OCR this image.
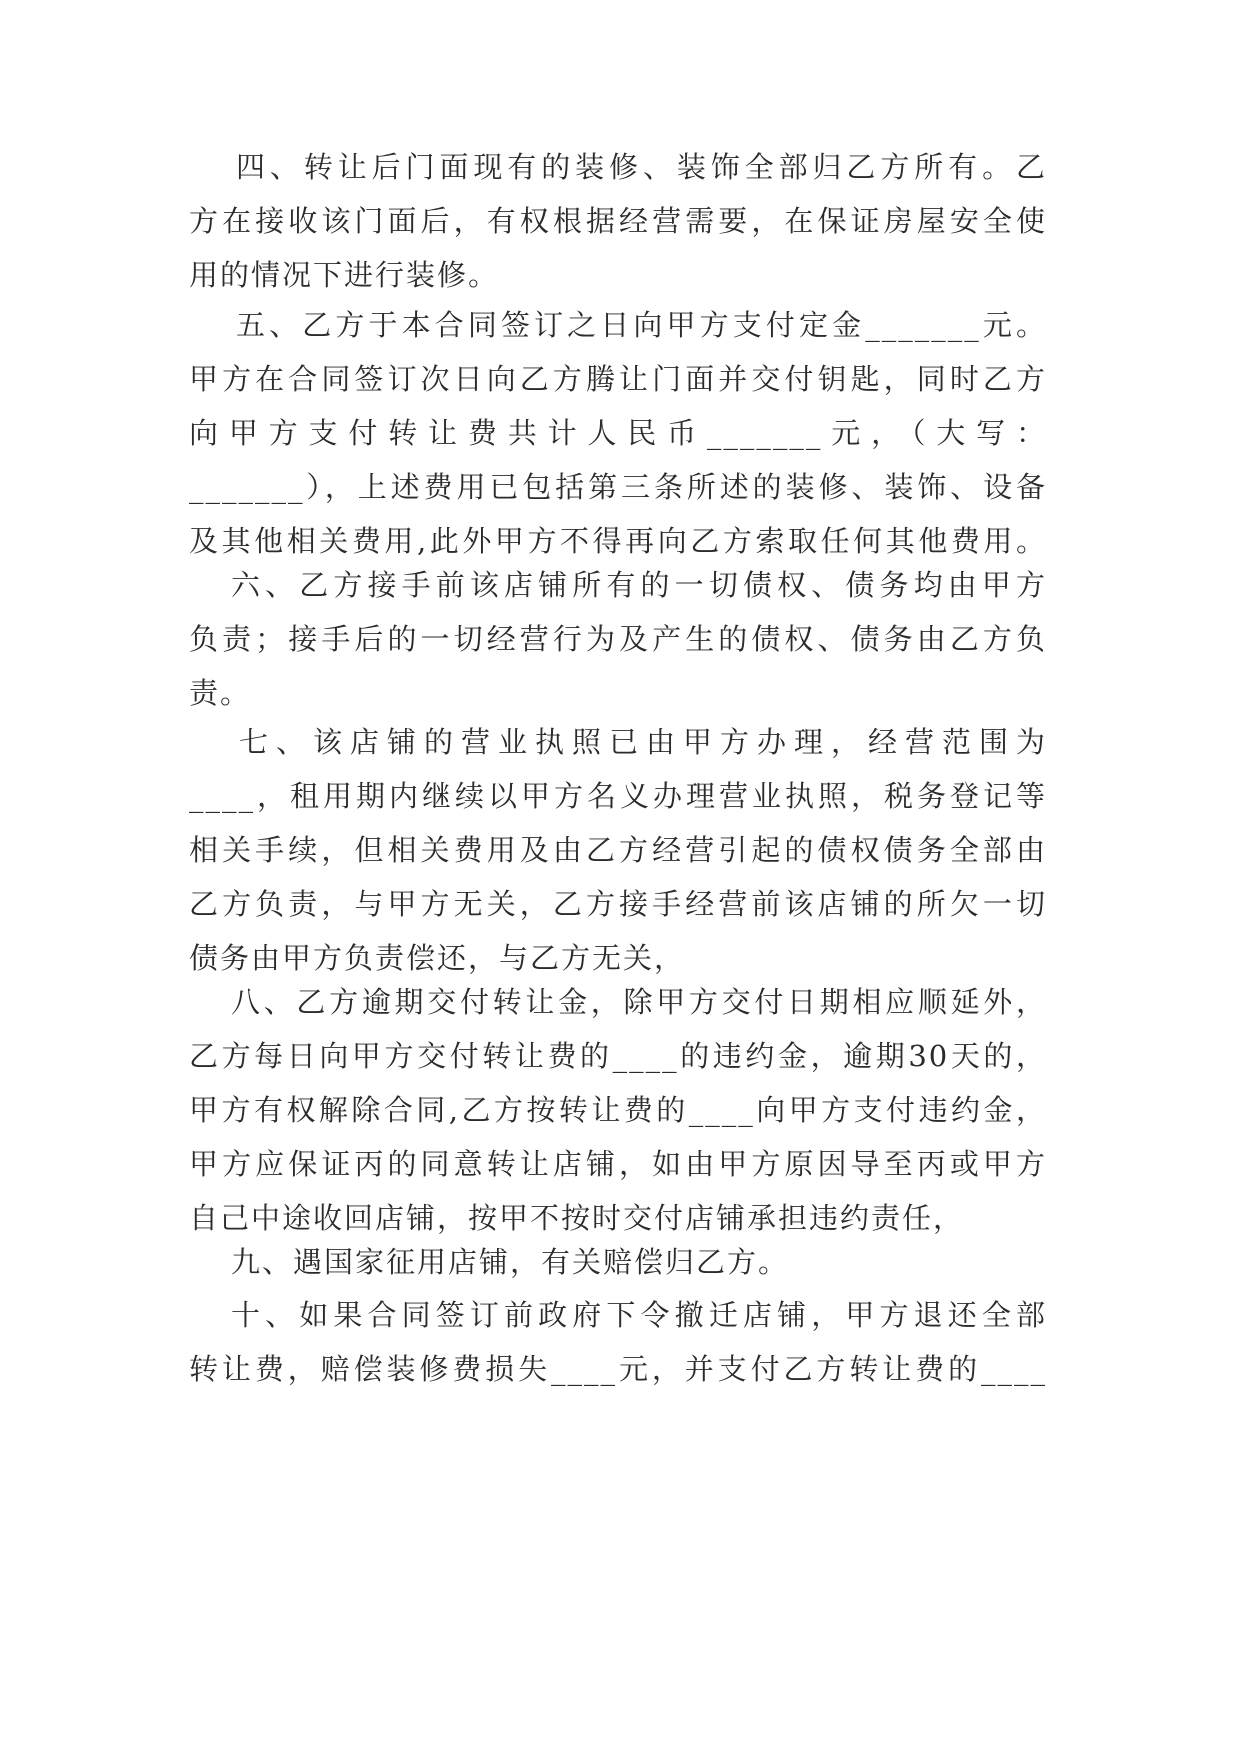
四、转让后门面现有的装修、装饰全部归乙方所有。乙
方在接收该门面后，有权根据经营需要，在保证房屋安全使
用的情况下进行装修。
五、乙方于本合同签订之日向甲方支付定金_______元。
甲方在合同签订次日向乙方腾让门面并交付钥匙，同时乙方
向甲方支付转让费共计人民币_______元，（大写：
_______），上述费用已包括第三条所述的装修、装饰、设备
及其他相关费用,此外甲方不得再向乙方索取任何其他费用。
六、乙方接手前该店铺所有的一切债权、债务均由甲方
负责；接手后的一切经营行为及产生的债权、债务由乙方负
责。
七、该店铺的营业执照已由甲方办理，经营范围为
____，租用期内继续以甲方名义办理营业执照，税务登记等
相关手续，但相关费用及由乙方经营引起的债权债务全部由
乙方负责，与甲方无关，乙方接手经营前该店铺的所欠一切
债务由甲方负责偿还，与乙方无关，
八、乙方逾期交付转让金，除甲方交付日期相应顺延外，
乙方每日向甲方交付转让费的____的违约金，逾期30天的，
甲方有权解除合同,乙方按转让费的____向甲方支付违约金，
甲方应保证丙的同意转让店铺，如由甲方原因导至丙或甲方
自己中途收回店铺，按甲不按时交付店铺承担违约责任，
九、遇国家征用店铺，有关赔偿归乙方。
十、如果合同签订前政府下令撤迁店铺，甲方退还全部
转让费，赔偿装修费损失____元，并支付乙方转让费的____
